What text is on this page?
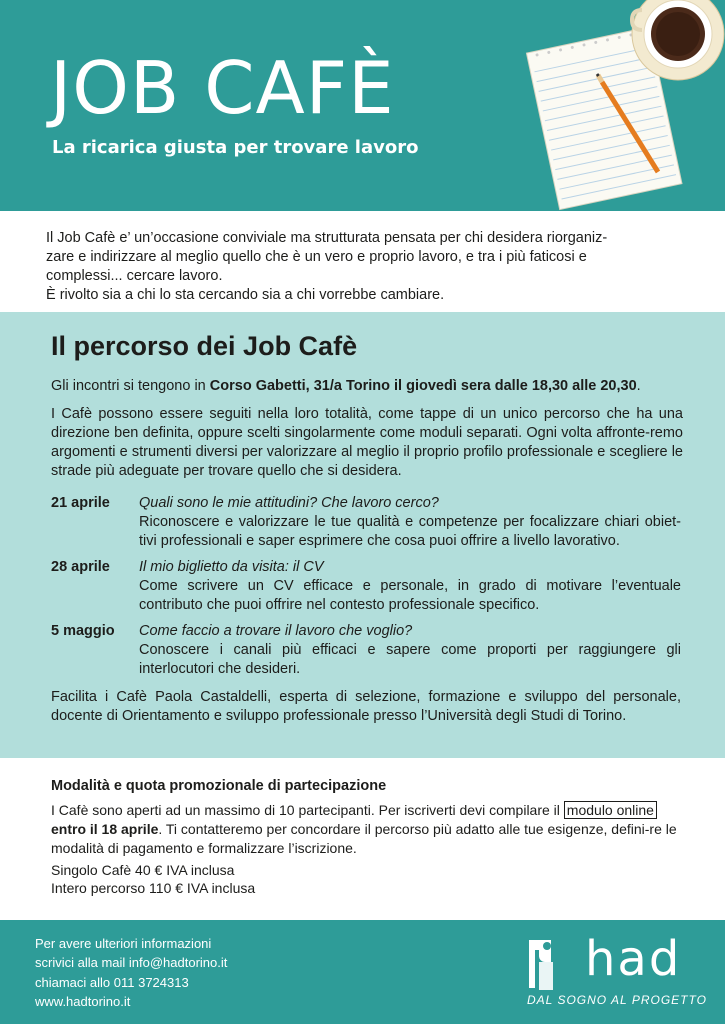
JOB CAFÈ
La ricarica giusta per trovare lavoro

Il Job Cafè e’ un’occasione conviviale ma strutturata pensata per chi desidera riorganiz-

zare e indirizzare al meglio quello che è un vero e proprio lavoro, e tra i più faticosi e

complessi... cercare lavoro.

È rivolto sia a chi lo sta cercando sia a chi vorrebbe cambiare.

Il percorso dei Job Cafè
Gli incontri si tengono in Corso Gabetti, 31/a Torino il giovedì sera dalle 18,30 alle 20,30.
I Cafè possono essere seguiti nella loro totalità, come tappe di un unico percorso che ha una direzione ben definita, oppure scelti singolarmente come moduli separati. Ogni volta affronte-remo argomenti e strumenti diversi per valorizzare al meglio il proprio profilo professionale e scegliere le strade più adeguate per trovare quello che si desidera.
21 aprile	Quali sono le mie attitudini? Che lavoro cerco?
Riconoscere e valorizzare le tue qualità e competenze per focalizzare chiari obiet-tivi professionali e saper esprimere che cosa puoi offrire a livello lavorativo.
28 aprile	Il mio biglietto da visita: il CV
Come scrivere un CV efficace e personale, in grado di motivare l’eventuale contributo che puoi offrire nel contesto professionale specifico.
5 maggio	Come faccio a trovare il lavoro che voglio?
Conoscere i canali più efficaci e sapere come proporti per raggiungere gli interlocutori che desideri.
Facilita i Cafè Paola Castaldelli, esperta di selezione, formazione e sviluppo del personale, docente di Orientamento e sviluppo professionale presso l’Università degli Studi di Torino.
Modalità e quota promozionale di partecipazione
I Cafè sono aperti ad un massimo di 10 partecipanti. Per iscriverti devi compilare il modulo online entro il 18 aprile. Ti contatteremo per concordare il percorso più adatto alle tue esigenze, defini-re le modalità di pagamento e formalizzare l’iscrizione.
Singolo Cafè 40 € IVA inclusa
Intero percorso 110 € IVA inclusa
Per avere ulteriori informazioni
scrivici alla mail info@hadtorino.it
chiamaci allo 011 3724313
www.hadtorino.it
had
DAL SOGNO AL PROGETTO
